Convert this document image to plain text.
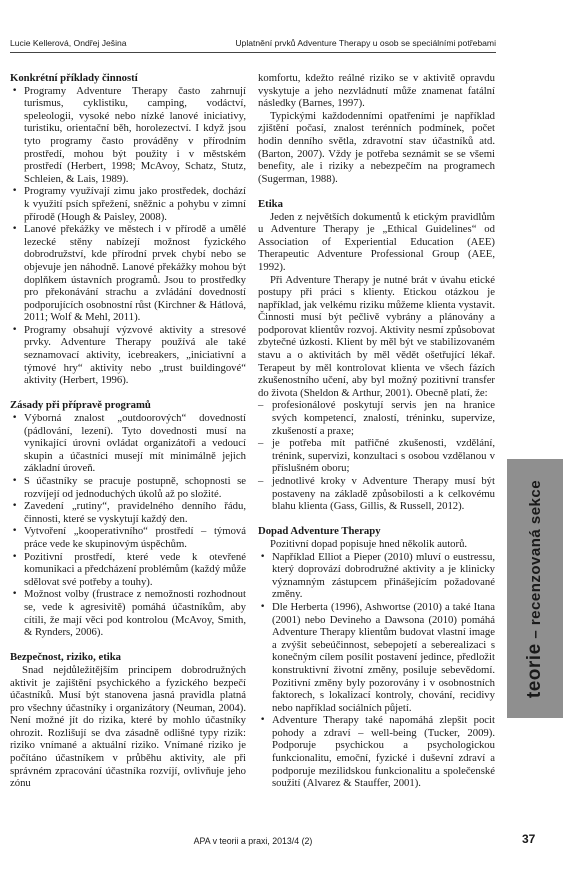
Lucie Kellerová, Ondřej Ješina	Uplatnění prvků Adventure Therapy u osob se speciálními potřebami

Konkrétní příklady činností

• Programy Adventure Therapy často zahrnují turismus, cyklistiku, camping, vodáctví, speleologii, vysoké nebo nízké lanové iniciativy, turistiku, orientační běh, horolezectví. I když jsou tyto programy často prováděny v přírodním prostředí, mohou být použity i v městském prostředí (Herbert, 1998; McAvoy, Schatz, Stutz, Schleien, & Lais, 1989).
• Programy využívají zimu jako prostředek, dochází k využití psích spřežení, sněžnic a pohybu v zimní přírodě (Hough & Paisley, 2008).
• Lanové překážky ve městech i v přírodě a umělé lezecké stěny nabízejí možnost fyzického dobrodružství, kde přírodní prvek chybí nebo se objevuje jen náhodně. Lanové překážky mohou být doplňkem ústavních programů. Jsou to prostředky pro překonávání strachu a zvládání dovedností podporujících osobnostní růst (Kirchner & Hátlová, 2011; Wolf & Mehl, 2011).
• Programy obsahují výzvové aktivity a stresové prvky. Adventure Therapy používá ale také seznamovací aktivity, icebreakers, „iniciativní a týmové hry“ aktivity nebo „trust buildingové“ aktivity (Herbert, 1996).

Zásady při přípravě programů

• Výborná znalost „outdoorových“ dovedností (pádlování, lezení). Tyto dovednosti musí na vynikající úrovni ovládat organizátoři a vedoucí skupin a účastníci musejí mít minimálně jejich základní úroveň.
• S účastníky se pracuje postupně, schopnosti se rozvíjejí od jednoduchých úkolů až po složité.
• Zavedení „rutiny“, pravidelného denního řádu, činnosti, které se vyskytují každý den.
• Vytvoření „kooperativního“ prostředí – týmová práce vede ke skupinovým úspěchům.
• Pozitivní prostředí, které vede k otevřené komunikaci a předcházení problémům (každý může sdělovat své potřeby a touhy).
• Možnost volby (frustrace z nemožnosti rozhodnout se, vede k agresivitě) pomáhá účastníkům, aby cítili, že mají věci pod kontrolou (McAvoy, Smith, & Rynders, 2006).

Bezpečnost, riziko, etika

Snad nejdůležitějším principem dobrodružných aktivit je zajištění psychického a fyzického bezpečí účastníků. Musí být stanovena jasná pravidla platná pro všechny účastníky i organizátory (Neuman, 2004). Není možné jít do rizika, které by mohlo účastníky ohrozit. Rozlišují se dva zásadně odlišné typy rizik: riziko vnímané a aktuální riziko. Vnímané riziko je počítáno účastníkem v průběhu aktivity, ale při správném zpracování účastníka rozvíjí, ovlivňuje jeho zónu

komfortu, kdežto reálné riziko se v aktivitě opravdu vyskytuje a jeho nezvládnutí může znamenat fatální následky (Barnes, 1997).

Typickými každodenními opatřeními je například zjištění počasí, znalost terénních podmínek, počet hodin denního světla, zdravotní stav účastníků atd. (Barton, 2007). Vždy je potřeba seznámit se se všemi benefity, ale i riziky a nebezpečím na programech (Sugerman, 1988).

Etika

Jeden z největších dokumentů k etickým pravidlům u Adventure Therapy je „Ethical Guidelines“ od Association of Experiential Education (AEE) Therapeutic Adventure Professional Group (AEE, 1992).

Při Adventure Therapy je nutné brát v úvahu etické postupy při práci s klienty. Etickou otázkou je například, jak velkému riziku můžeme klienta vystavit. Činnosti musí být pečlivě vybrány a plánovány a podporovat klientův rozvoj. Aktivity nesmí způsobovat zbytečné úzkosti. Klient by měl být ve stabilizovaném stavu a o aktivitách by měl vědět ošetřující lékař. Terapeut by měl kontrolovat klienta ve všech fázích zkušenostního učení, aby byl možný pozitivní transfer do života (Sheldon & Arthur, 2001). Obecně platí, že:

– profesionálové poskytují servis jen na hranice svých kompetencí, znalostí, tréninku, supervize, zkušeností a praxe;
– je potřeba mít patřičné zkušenosti, vzdělání, trénink, supervizi, konzultaci s osobou vzdělanou v příslušném oboru;
– jednotlivé kroky v Adventure Therapy musí být postaveny na základě způsobilosti a k celkovému blahu klienta (Gass, Gillis, & Russell, 2012).

Dopad Adventure Therapy

Pozitivní dopad popisuje hned několik autorů.

• Například Elliot a Pieper (2010) mluví o eustressu, který doprovází dobrodružné aktivity a je klinicky významným zástupcem přinášejícím požadované změny.
• Dle Herberta (1996), Ashwortse (2010) a také Itana (2001) nebo Devineho a Dawsona (2010) pomáhá Adventure Therapy klientům budovat vlastní image a zvýšit sebeúčinnost, sebepojetí a seberealizaci s konečným cílem posílit postavení jedince, předložit konstruktivní životní změny, posiluje sebevědomí. Pozitivní změny byly pozorovány i v osobnostních faktorech, s lokalizací kontroly, chování, recidivy nebo například sociálních půjetí.
• Adventure Therapy také napomáhá zlepšit pocit pohody a zdraví – well-being (Tucker, 2009). Podporuje psychickou a psychologickou funkcionalitu, emoční, fyzické i duševní zdraví a podporuje mezilidskou funkcionalitu a společenské soužití (Alvarez & Stauffer, 2001).
teorie – recenzovaná sekce
APA v teorii a praxi, 2013/4 (2)	37
